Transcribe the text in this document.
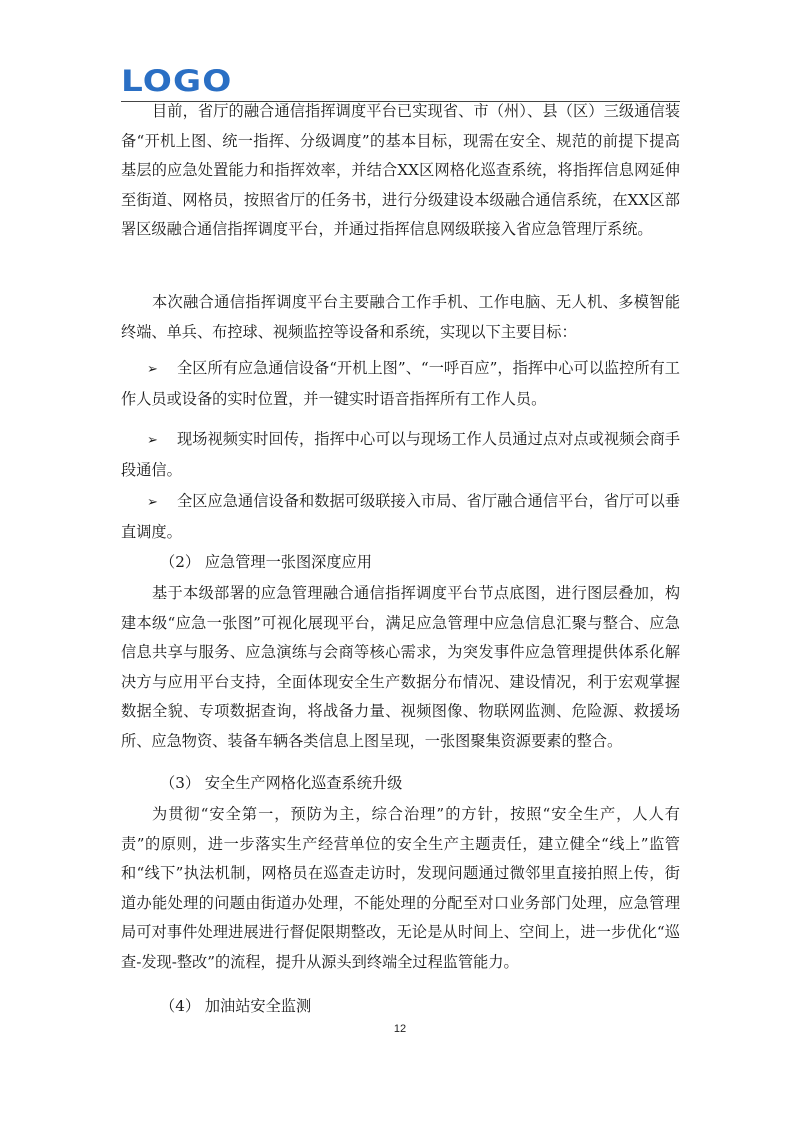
LOGO

目前，省厅的融合通信指挥调度平台已实现省、市（州）、县（区）三级通信装备“开机上图、统一指挥、分级调度”的基本目标，现需在安全、规范的前提下提高基层的应急处置能力和指挥效率，并结合XX区网格化巡查系统，将指挥信息网延伸至街道、网格员，按照省厅的任务书，进行分级建设本级融合通信系统，在XX区部署区级融合通信指挥调度平台，并通过指挥信息网级联接入省应急管理厅系统。

本次融合通信指挥调度平台主要融合工作手机、工作电脑、无人机、多模智能终端、单兵、布控球、视频监控等设备和系统，实现以下主要目标：

➢ 全区所有应急通信设备“开机上图”、“一呼百应”，指挥中心可以监控所有工作人员或设备的实时位置，并一键实时语音指挥所有工作人员。

➢ 现场视频实时回传，指挥中心可以与现场工作人员通过点对点或视频会商手段通信。

➢ 全区应急通信设备和数据可级联接入市局、省厅融合通信平台，省厅可以垂直调度。

（2） 应急管理一张图深度应用

基于本级部署的应急管理融合通信指挥调度平台节点底图，进行图层叠加，构建本级“应急一张图”可视化展现平台，满足应急管理中应急信息汇聚与整合、应急信息共享与服务、应急演练与会商等核心需求，为突发事件应急管理提供体系化解决方与应用平台支持，全面体现安全生产数据分布情况、建设情况，利于宏观掌握数据全貌、专项数据查询，将战备力量、视频图像、物联网监测、危险源、救援场所、应急物资、装备车辆各类信息上图呈现，一张图聚集资源要素的整合。

（3） 安全生产网格化巡查系统升级

为贯彻“安全第一，预防为主，综合治理”的方针，按照“安全生产，人人有责”的原则，进一步落实生产经营单位的安全生产主题责任，建立健全“线上”监管和“线下”执法机制，网格员在巡查走访时，发现问题通过微邻里直接拍照上传，街道办能处理的问题由街道办处理，不能处理的分配至对口业务部门处理，应急管理局可对事件处理进展进行督促限期整改，无论是从时间上、空间上，进一步优化“巡查-发现-整改”的流程，提升从源头到终端全过程监管能力。

（4） 加油站安全监测

12
